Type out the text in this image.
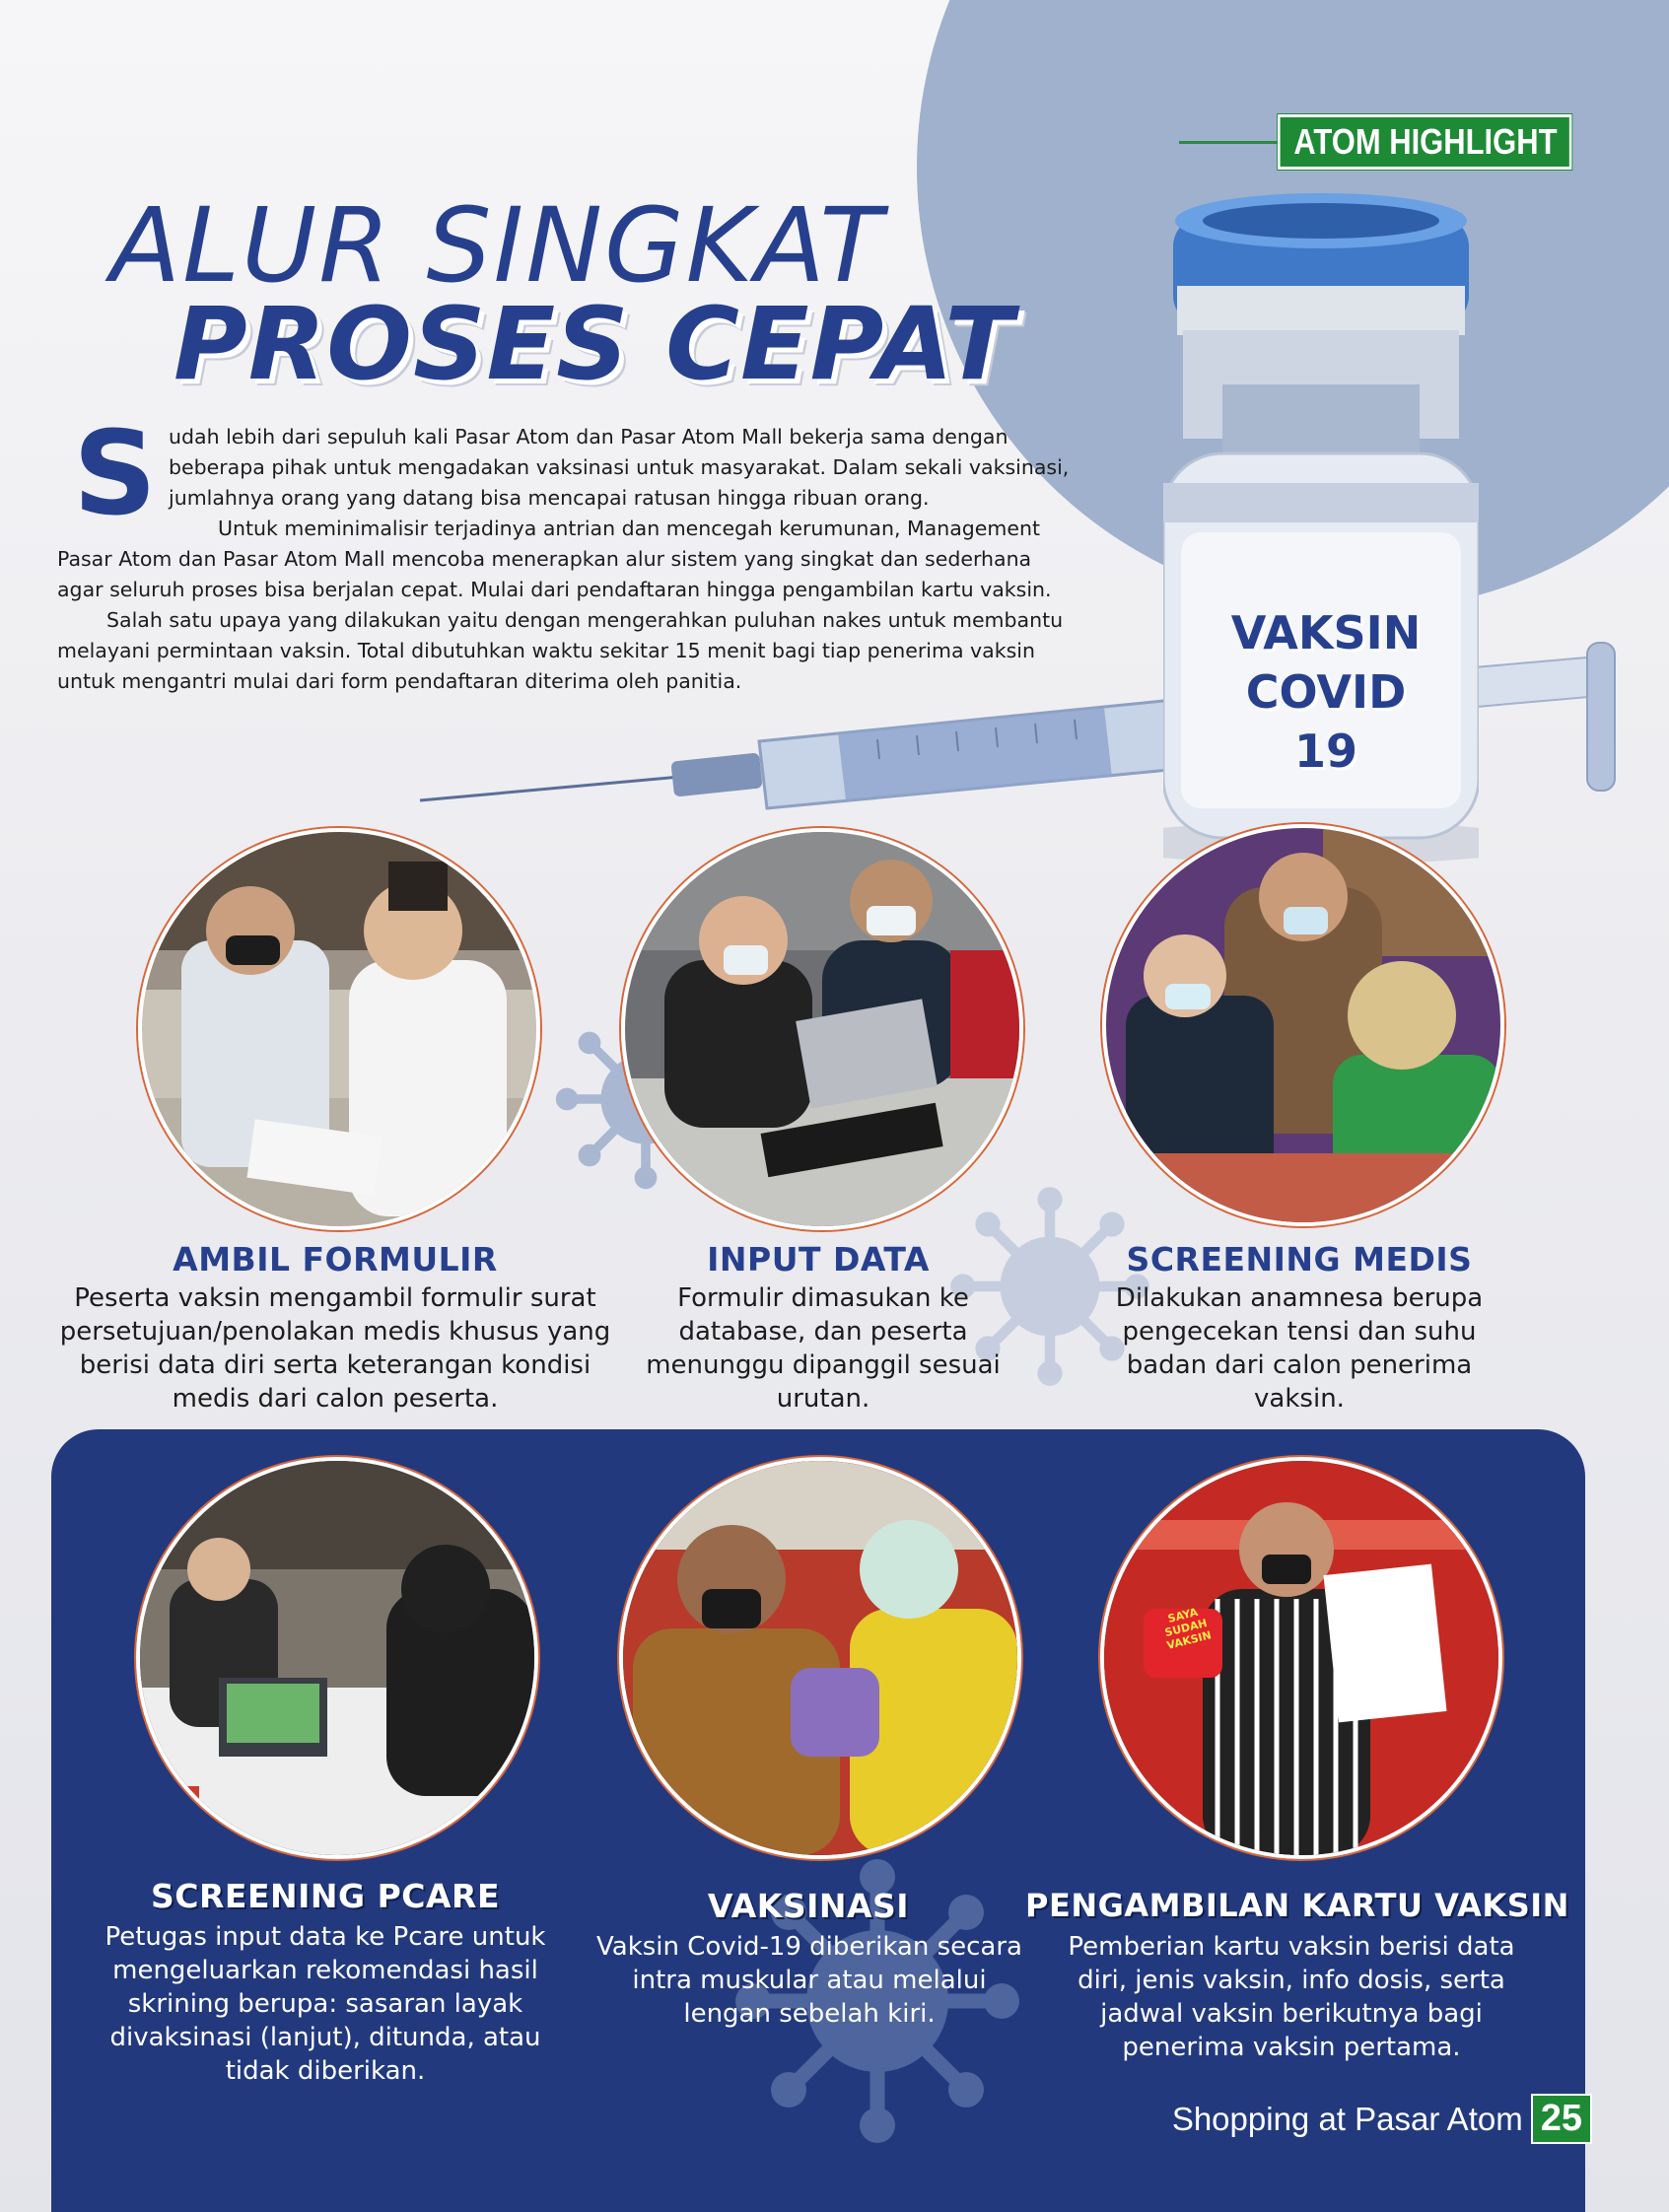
VAKSIN
COVID 19
ATOM HIGHLIGHT
ALUR SINGKAT
PROSES CEPAT
S udah lebih dari sepuluh kali Pasar Atom dan Pasar Atom Mall bekerja sama dengan beberapa pihak untuk mengadakan vaksinasi untuk masyarakat. Dalam sekali vaksinasi, jumlahnya orang yang datang bisa mencapai ratusan hingga ribuan orang.

Untuk meminimalisir terjadinya antrian dan mencegah kerumunan, Management Pasar Atom dan Pasar Atom Mall mencoba menerapkan alur sistem yang singkat dan sederhana agar seluruh proses bisa berjalan cepat. Mulai dari pendaftaran hingga pengambilan kartu vaksin.

Salah satu upaya yang dilakukan yaitu dengan mengerahkan puluhan nakes untuk membantu melayani permintaan vaksin. Total dibutuhkan waktu sekitar 15 menit bagi tiap penerima vaksin untuk mengantri mulai dari form pendaftaran diterima oleh panitia.

AMBIL FORMULIR
Peserta vaksin mengambil formulir surat persetujuan/penolakan medis khusus yang berisi data diri serta keterangan kondisi medis dari calon peserta.
INPUT DATA
Formulir dimasukan ke database, dan peserta menunggu dipanggil sesuai urutan.
SCREENING MEDIS
Dilakukan anamnesa berupa pengecekan tensi dan suhu badan dari calon penerima vaksin.
SAYA SUDAH VAKSIN
SCREENING PCARE
Petugas input data ke Pcare untuk mengeluarkan rekomendasi hasil skrining berupa: sasaran layak divaksinasi (lanjut), ditunda, atau tidak diberikan.
VAKSINASI
Vaksin Covid-19 diberikan secara intra muskular atau melalui lengan sebelah kiri.
PENGAMBILAN KARTU VAKSIN
Pemberian kartu vaksin berisi data diri, jenis vaksin, info dosis, serta jadwal vaksin berikutnya bagi penerima vaksin pertama.
Shopping at Pasar Atom 25
